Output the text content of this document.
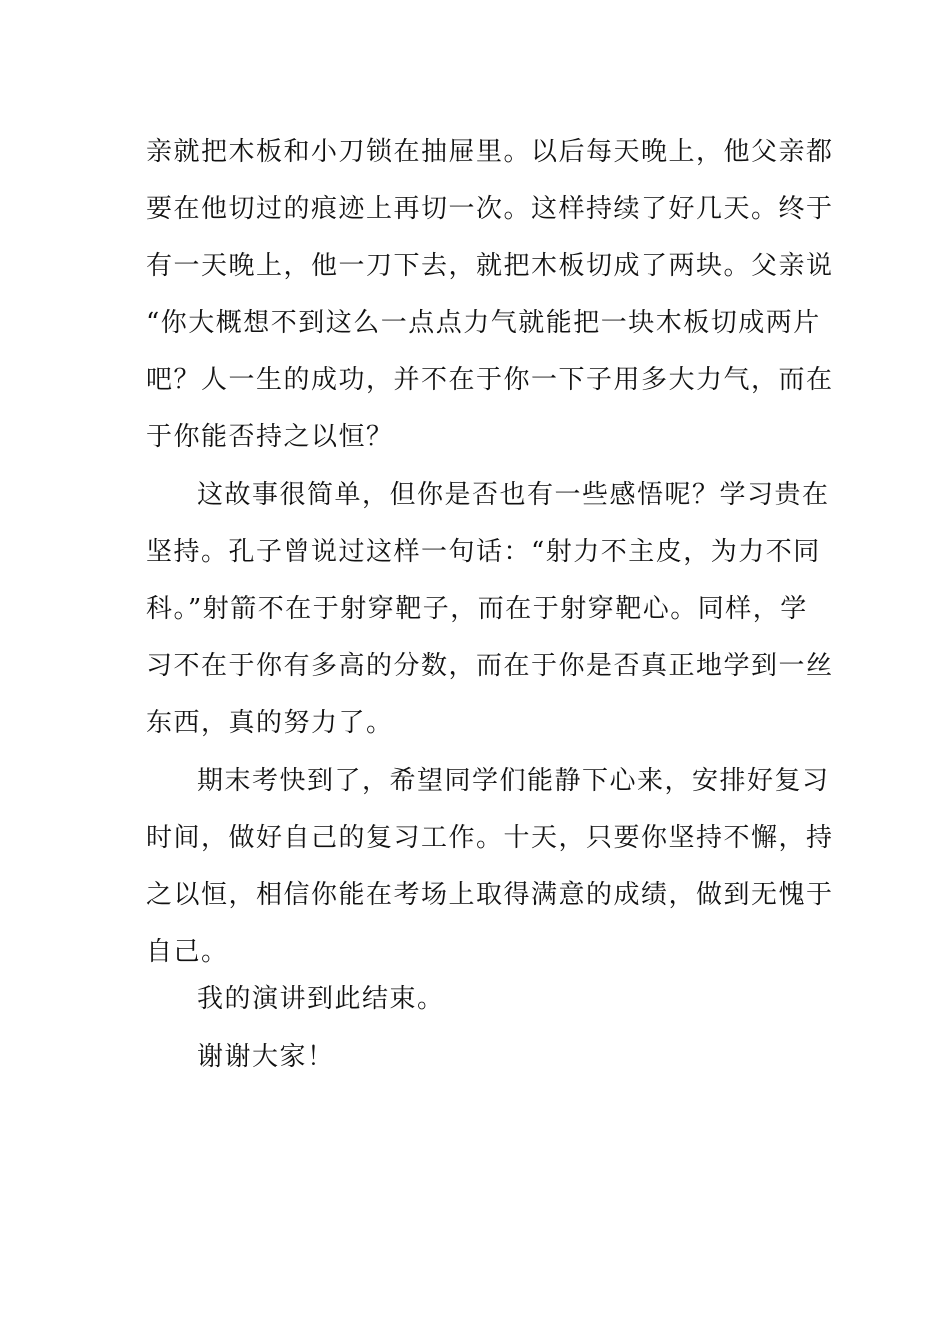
亲就把木板和小刀锁在抽屉里。以后每天晚上，他父亲都

要在他切过的痕迹上再切一次。这样持续了好几天。终于

有一天晚上，他一刀下去，就把木板切成了两块。父亲说

“你大概想不到这么一点点力气就能把一块木板切成两片

吧？人一生的成功，并不在于你一下子用多大力气，而在

于你能否持之以恒？

这故事很简单，但你是否也有一些感悟呢？学习贵在

坚持。孔子曾说过这样一句话：“射力不主皮，为力不同

科。”射箭不在于射穿靶子，而在于射穿靶心。同样，学

习不在于你有多高的分数，而在于你是否真正地学到一丝

东西，真的努力了。

期末考快到了，希望同学们能静下心来，安排好复习

时间，做好自己的复习工作。十天，只要你坚持不懈，持

之以恒，相信你能在考场上取得满意的成绩，做到无愧于

自己。

我的演讲到此结束。

谢谢大家！
